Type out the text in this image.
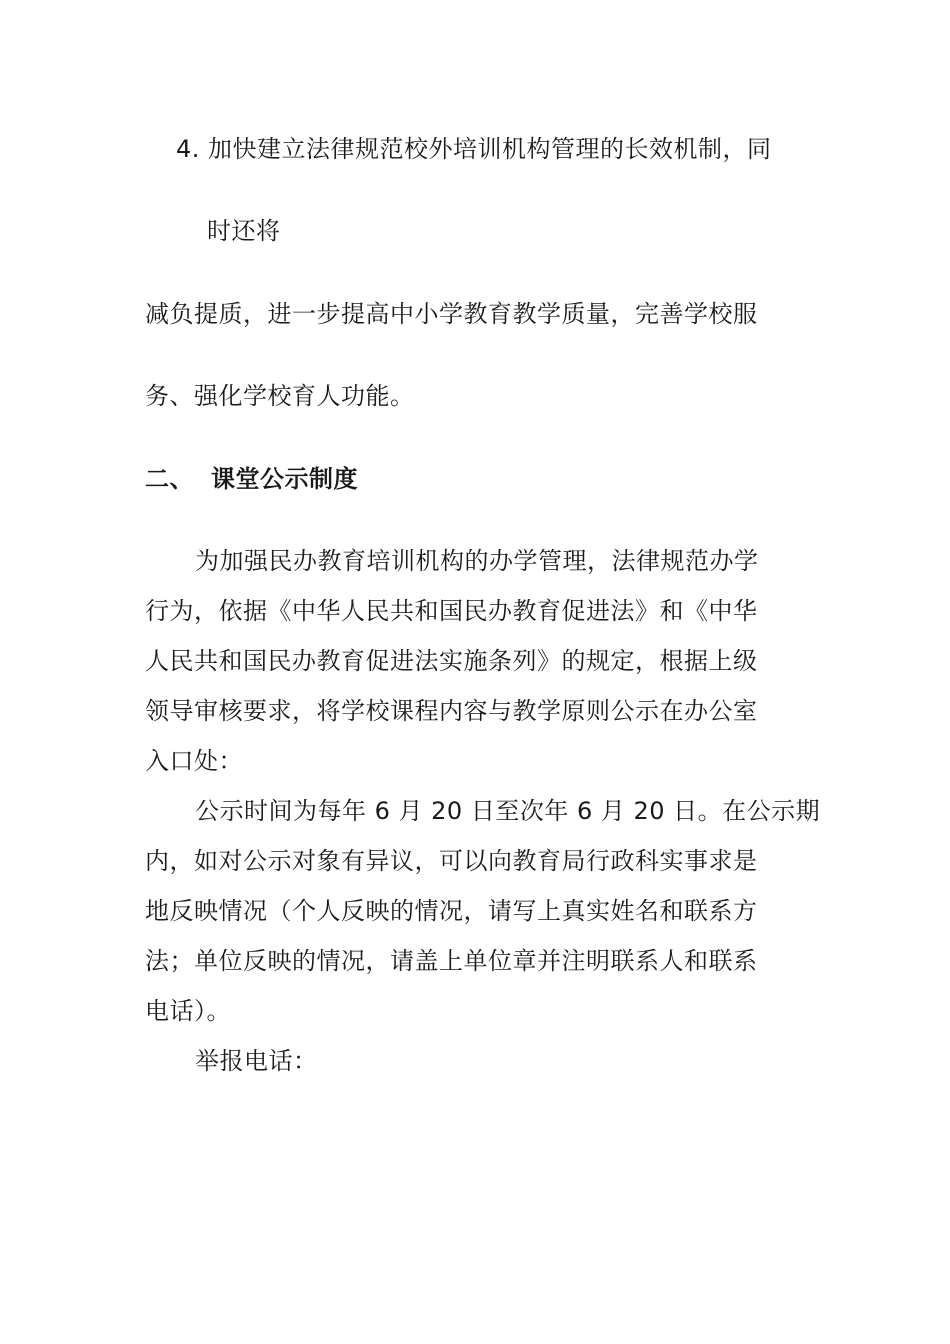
4. 加快建立法律规范校外培训机构管理的长效机制，同
时还将
减负提质，进一步提高中小学教育教学质量，完善学校服
务、强化学校育人功能。
二、 课堂公示制度
为加强民办教育培训机构的办学管理，法律规范办学
行为，依据《中华人民共和国民办教育促进法》和《中华
人民共和国民办教育促进法实施条列》的规定，根据上级
领导审核要求，将学校课程内容与教学原则公示在办公室
入口处：
公示时间为每年 6 月 20 日至次年 6 月 20 日。在公示期
内，如对公示对象有异议，可以向教育局行政科实事求是
地反映情况（个人反映的情况，请写上真实姓名和联系方
法；单位反映的情况，请盖上单位章并注明联系人和联系
电话）。
举报电话：
